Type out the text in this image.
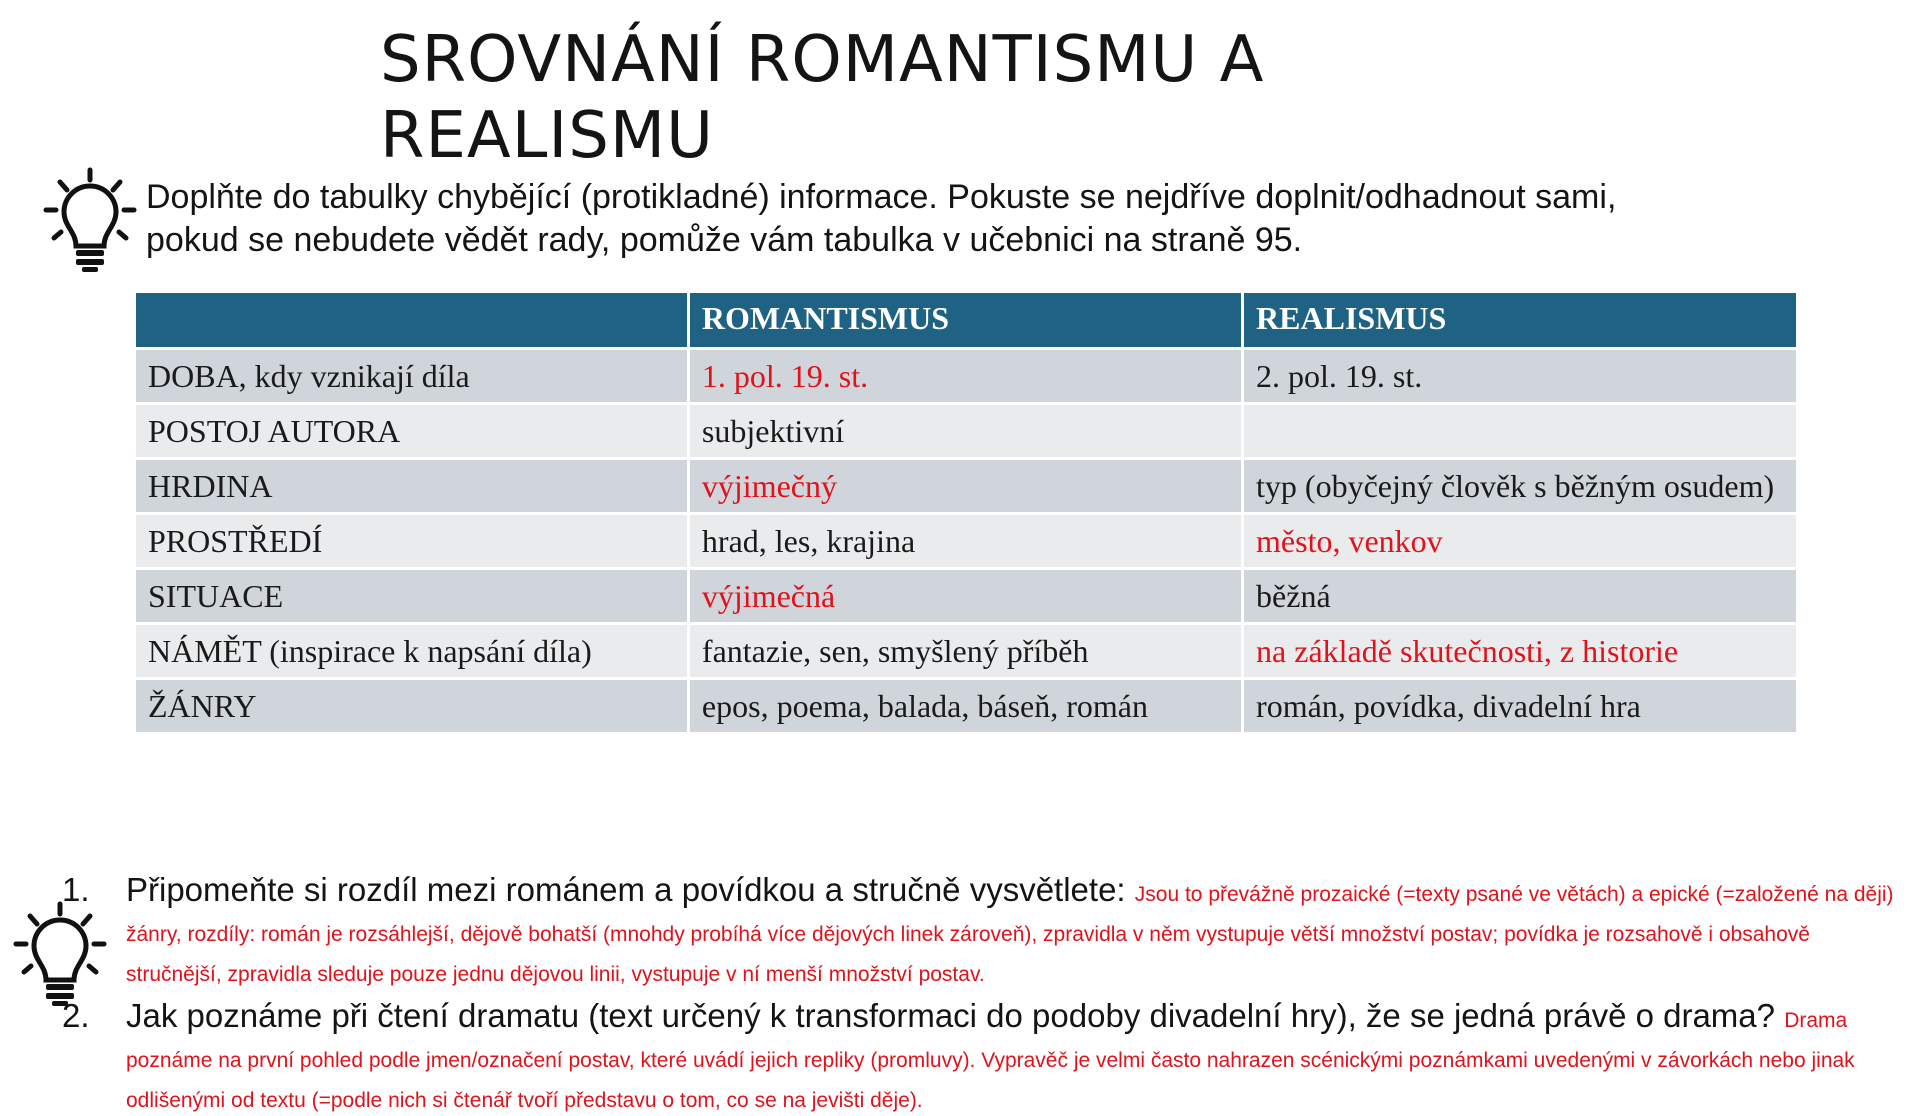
SROVNÁNÍ ROMANTISMU A REALISMU
Doplňte do tabulky chybějící (protikladné) informace. Pokuste se nejdříve doplnit/odhadnout sami, pokud se nebudete vědět rady, pomůže vám tabulka v učebnici na straně 95.
	ROMANTISMUS	REALISMUS
DOBA, kdy vznikají díla	1. pol. 19. st.	2. pol. 19. st.
POSTOJ AUTORA	subjektivní	
HRDINA	výjimečný	typ (obyčejný člověk s běžným osudem)
PROSTŘEDÍ	hrad, les, krajina	město, venkov
SITUACE	výjimečná	běžná
NÁMĚT (inspirace k napsání díla)	fantazie, sen, smyšlený příběh	na základě skutečnosti, z historie
ŽÁNRY	epos, poema, balada, báseň, román	román, povídka, divadelní hra
1. Připomeňte si rozdíl mezi románem a povídkou a stručně vysvětlete: Jsou to převážně prozaické (=texty psané ve větách) a epické (=založené na ději) žánry, rozdíly: román je rozsáhlejší, dějově bohatší (mnohdy probíhá více dějových linek zároveň), zpravidla v něm vystupuje větší množství postav; povídka je rozsahově i obsahově stručnější, zpravidla sleduje pouze jednu dějovou linii, vystupuje v ní menší množství postav.
2. Jak poznáme při čtení dramatu (text určený k transformaci do podoby divadelní hry), že se jedná právě o drama? Drama poznáme na první pohled podle jmen/označení postav, které uvádí jejich repliky (promluvy). Vypravěč je velmi často nahrazen scénickými poznámkami uvedenými v závorkách nebo jinak odlišenými od textu (=podle nich si čtenář tvoří představu o tom, co se na jevišti děje).
